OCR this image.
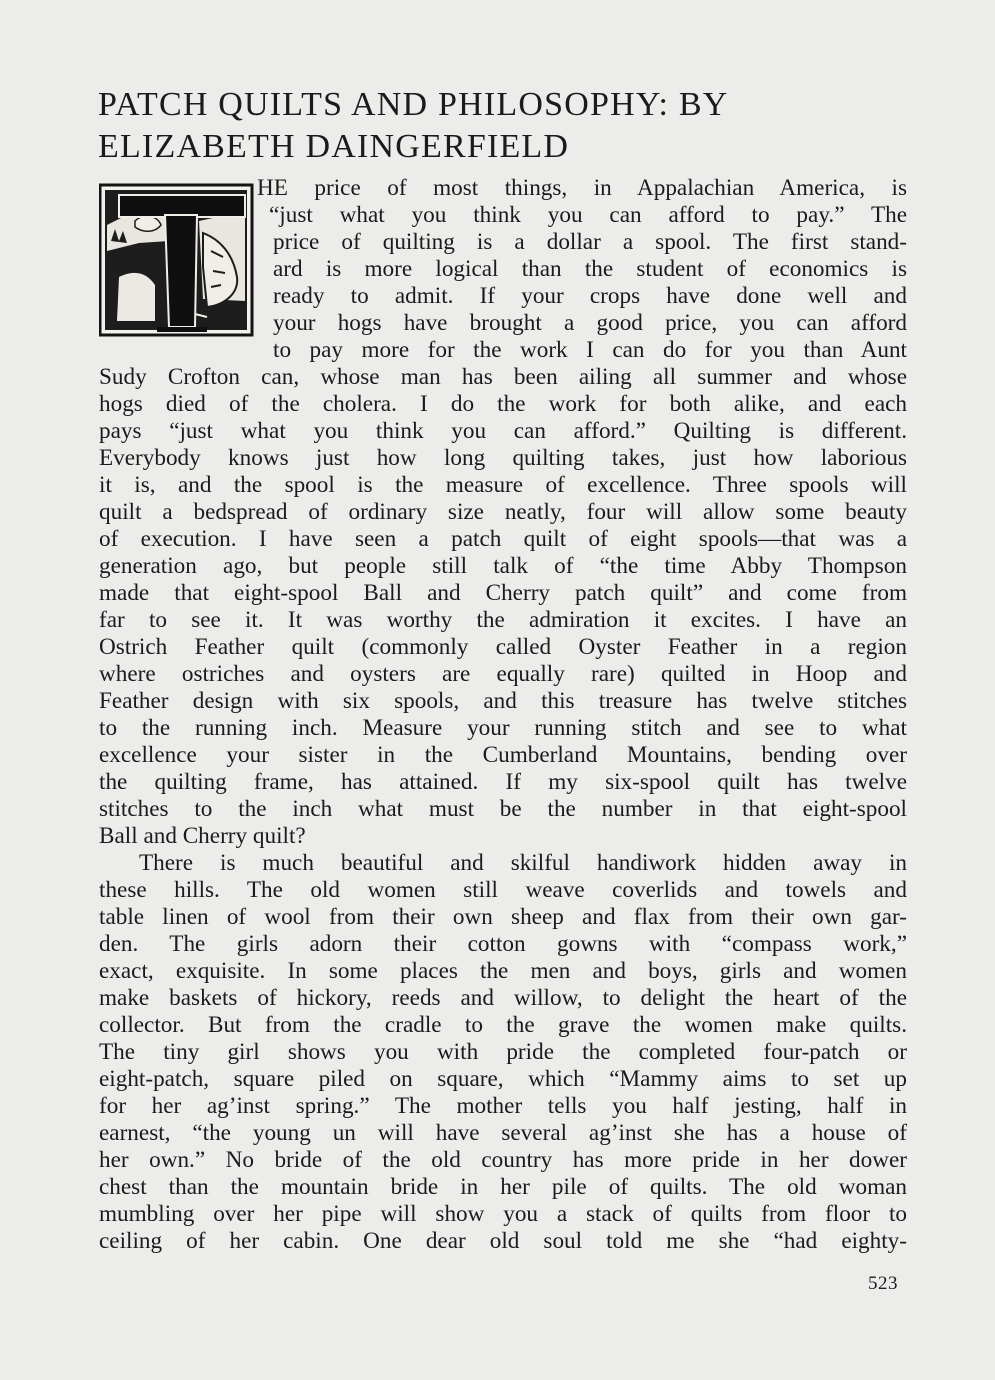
PATCH QUILTS AND PHILOSOPHY: BY
ELIZABETH DAINGERFIELD
T
HE price of most things, in Appalachian America, is
“just what you think you can afford to pay.” The
price of quilting is a dollar a spool. The first stand-
ard is more logical than the student of economics is
ready to admit. If your crops have done well and
your hogs have brought a good price, you can afford
to pay more for the work I can do for you than Aunt
Sudy Crofton can, whose man has been ailing all summer and whose
hogs died of the cholera. I do the work for both alike, and each
pays “just what you think you can afford.” Quilting is different.
Everybody knows just how long quilting takes, just how laborious
it is, and the spool is the measure of excellence. Three spools will
quilt a bedspread of ordinary size neatly, four will allow some beauty
of execution. I have seen a patch quilt of eight spools—that was a
generation ago, but people still talk of “the time Abby Thompson
made that eight-spool Ball and Cherry patch quilt” and come from
far to see it. It was worthy the admiration it excites. I have an
Ostrich Feather quilt (commonly called Oyster Feather in a region
where ostriches and oysters are equally rare) quilted in Hoop and
Feather design with six spools, and this treasure has twelve stitches
to the running inch. Measure your running stitch and see to what
excellence your sister in the Cumberland Mountains, bending over
the quilting frame, has attained. If my six-spool quilt has twelve
stitches to the inch what must be the number in that eight-spool
Ball and Cherry quilt?
There is much beautiful and skilful handiwork hidden away in
these hills. The old women still weave coverlids and towels and
table linen of wool from their own sheep and flax from their own gar-
den. The girls adorn their cotton gowns with “compass work,”
exact, exquisite. In some places the men and boys, girls and women
make baskets of hickory, reeds and willow, to delight the heart of the
collector. But from the cradle to the grave the women make quilts.
The tiny girl shows you with pride the completed four-patch or
eight-patch, square piled on square, which “Mammy aims to set up
for her ag’inst spring.” The mother tells you half jesting, half in
earnest, “the young un will have several ag’inst she has a house of
her own.” No bride of the old country has more pride in her dower
chest than the mountain bride in her pile of quilts. The old woman
mumbling over her pipe will show you a stack of quilts from floor to
ceiling of her cabin. One dear old soul told me she “had eighty-
523
